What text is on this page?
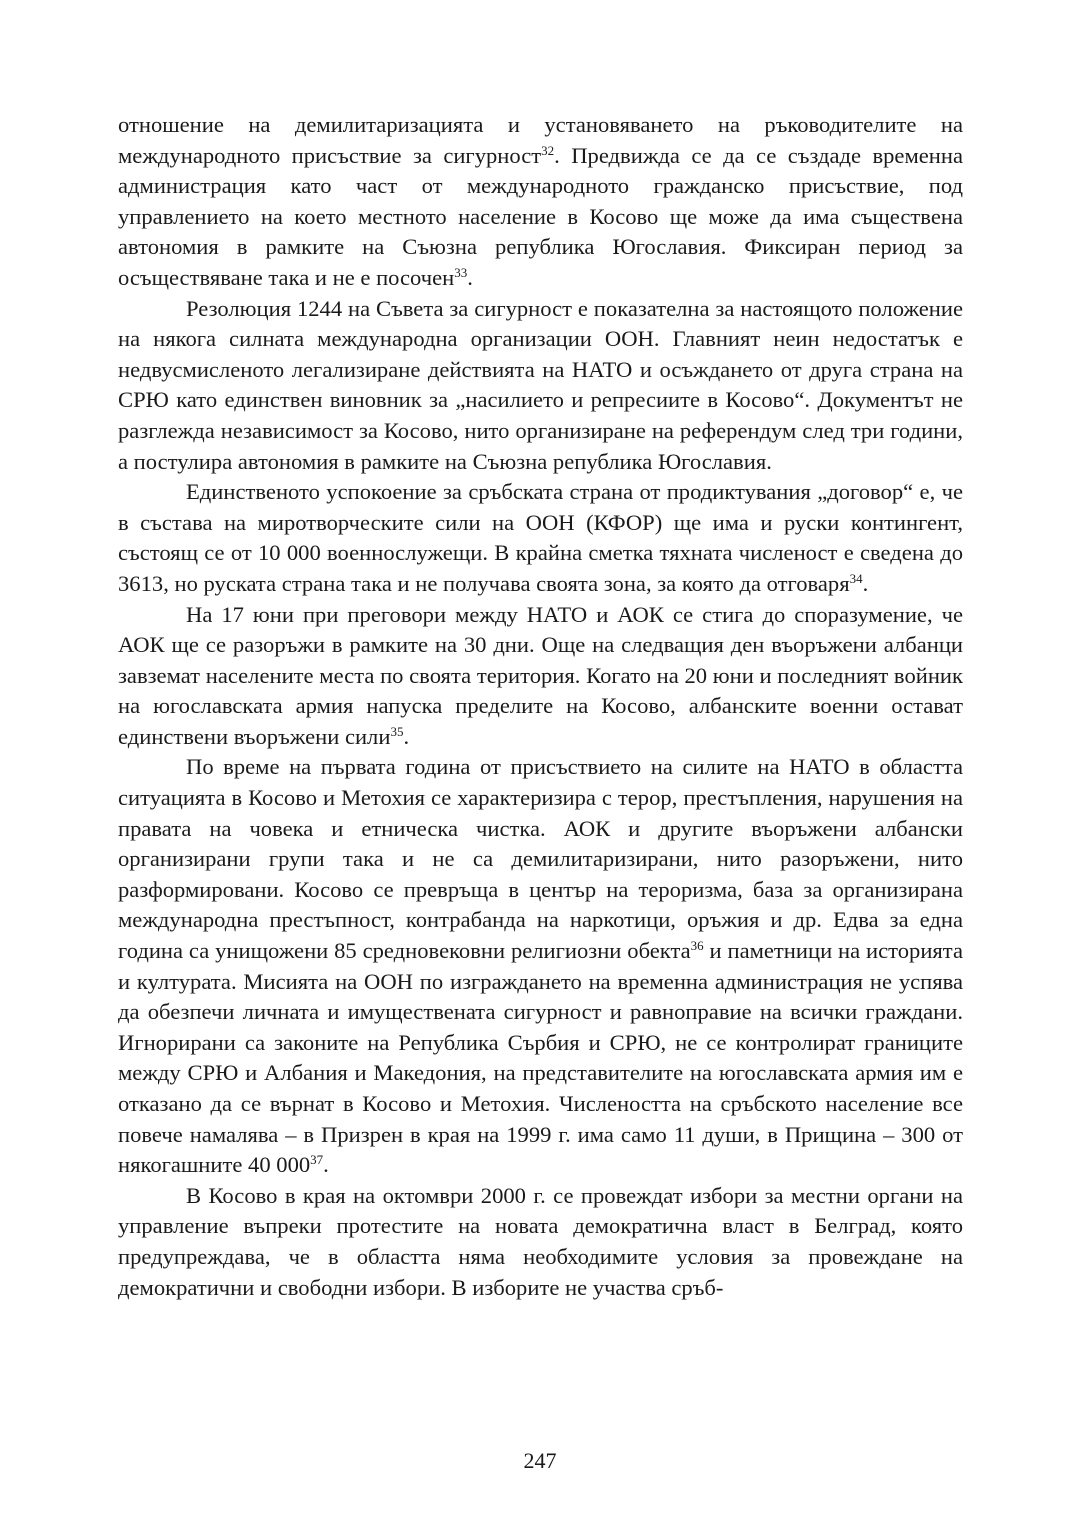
отношение на демилитаризацията и установяването на ръководителите на международното присъствие за сигурност$^{32}$. Предвижда се да се създаде временна администрация като част от международното гражданско присъствие, под управлението на което местното население в Косово ще може да има съществена автономия в рамките на Съюзна република Югославия. Фиксиран период за осъществяване така и не е посочен$^{33}$.

Резолюция 1244 на Съвета за сигурност е показателна за настоящото положение на някога силната международна организации ООН. Главният неин недостатък е недвусмисленото легализиране действията на НАТО и осъждането от друга страна на СРЮ като единствен виновник за „насилието и репресиите в Косово“. Документът не разглежда независимост за Косово, нито организиране на референдум след три години, а постулира автономия в рамките на Съюзна република Югославия.

Единственото успокоение за сръбската страна от продиктувания „договор“ е, че в състава на миротворческите сили на ООН (КФОР) ще има и руски контингент, състоящ се от 10 000 военнослужещи. В крайна сметка тяхната численост е сведена до 3613, но руската страна така и не получава своята зона, за която да отговаря$^{34}$.

На 17 юни при преговори между НАТО и АОК се стига до споразумение, че АОК ще се разоръжи в рамките на 30 дни. Още на следващия ден въоръжени албанци завземат населените места по своята територия. Когато на 20 юни и последният войник на югославската армия напуска пределите на Косово, албанските военни остават единствени въоръжени сили$^{35}$.

По време на първата година от присъствието на силите на НАТО в областта ситуацията в Косово и Метохия се характеризира с терор, престъпления, нарушения на правата на човека и етническа чистка. АОК и другите въоръжени албански организирани групи така и не са демилитаризирани, нито разоръжени, нито разформировани. Косово се превръща в център на тероризма, база за организирана международна престъпност, контрабанда на наркотици, оръжия и др. Едва за една година са унищожени 85 средновековни религиозни обекта$^{36}$ и паметници на историята и културата. Мисията на ООН по изграждането на временна администрация не успява да обезпечи личната и имуществената сигурност и равноправие на всички граждани. Игнорирани са законите на Република Сърбия и СРЮ, не се контролират границите между СРЮ и Албания и Македония, на представителите на югославската армия им е отказано да се върнат в Косово и Метохия. Числеността на сръбското население все повече намалява – в Призрен в края на 1999 г. има само 11 души, в Прищина – 300 от някогашните 40 $000^{37}$.

В Косово в края на октомври 2000 г. се провеждат избори за местни органи на управление въпреки протестите на новата демократична власт в Белград, която предупреждава, че в областта няма необходимите условия за провеждане на демократични и свободни избори. В изборите не участва сръб-

247
